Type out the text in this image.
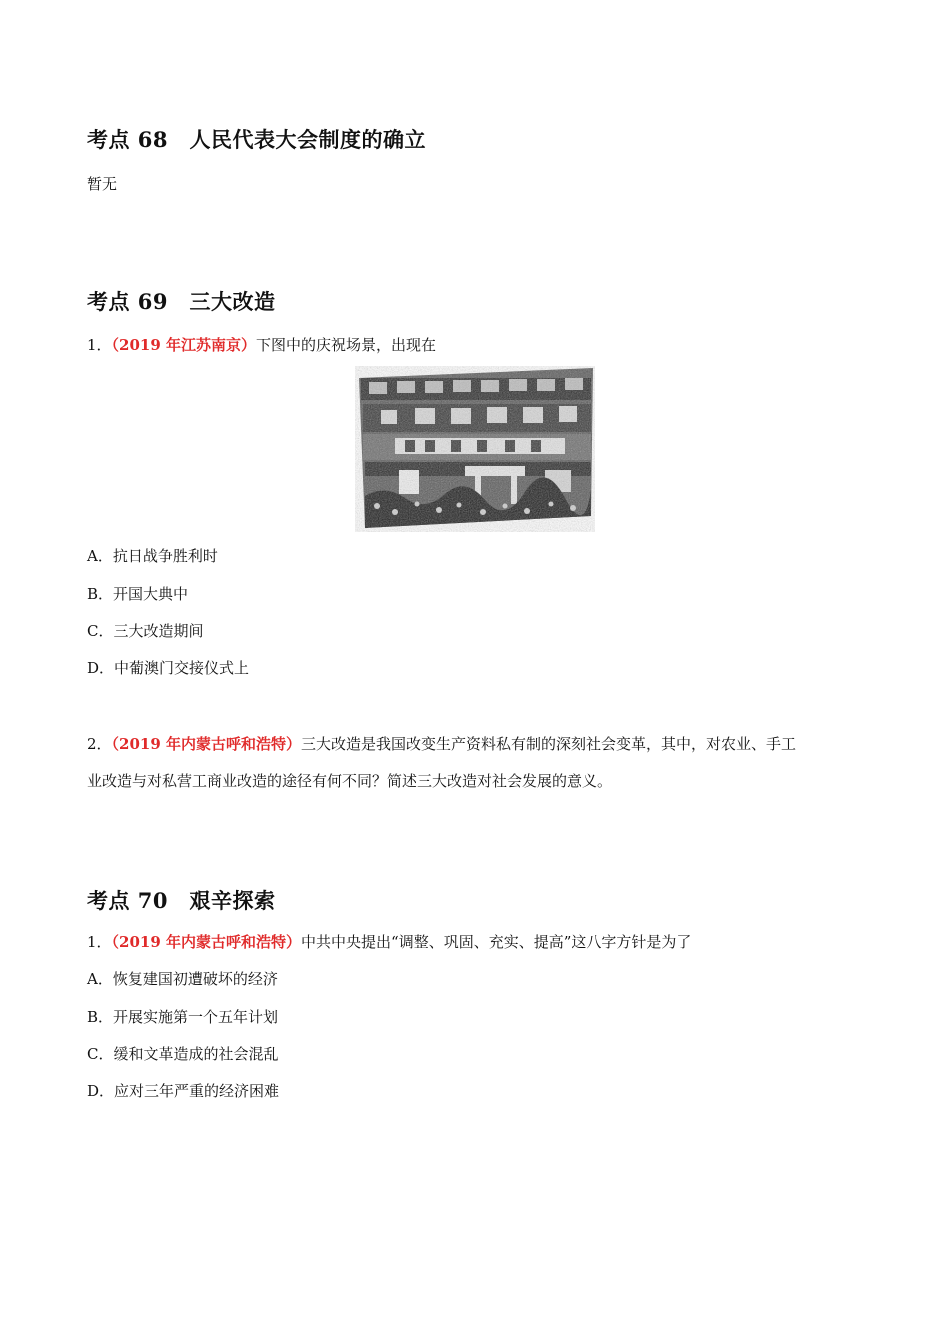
考点 68　人民代表大会制度的确立
暂无
考点 69　三大改造
1．（2019 年江苏南京）下图中的庆祝场景，出现在
A．抗日战争胜利时
B．开国大典中
C．三大改造期间
D．中葡澳门交接仪式上
2．（2019 年内蒙古呼和浩特）三大改造是我国改变生产资料私有制的深刻社会变革，其中，对农业、手工
业改造与对私营工商业改造的途径有何不同？简述三大改造对社会发展的意义。
考点 70　艰辛探索
1．（2019 年内蒙古呼和浩特）中共中央提出“调整、巩固、充实、提高”这八字方针是为了
A．恢复建国初遭破坏的经济
B．开展实施第一个五年计划
C．缓和文革造成的社会混乱
D．应对三年严重的经济困难
